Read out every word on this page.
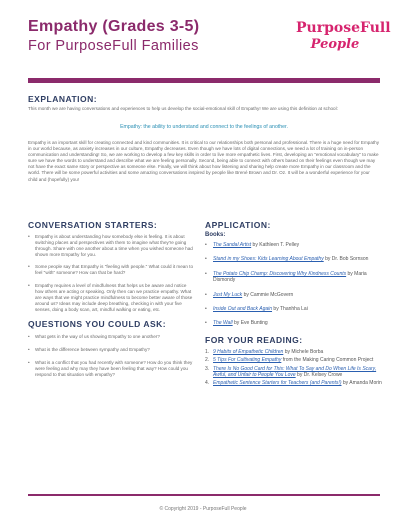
Empathy (Grades 3-5)
For PurposeFull Families
PurposeFull
People
EXPLANATION:
This month we are having conversations and experiences to help us develop the social-emotional skill of Empathy! We are using this definition at school:
Empathy: the ability to understand and connect to the feelings of another.
Empathy is an important skill for creating connected and kind communities. It is critical to our relationships both personal and professional. There is a huge need for Empathy in our world because, as anxiety increases in our culture, Empathy decreases. Even though we have lots of digital connections, we need a lot of training on in-person communication and understanding! So, we are working to develop a few key skills in order to live more empathetic lives. First, developing an "emotional vocabulary" to make sure we have the words to understand and describe what we are feeling personally. Second, being able to connect with others based on their feelings even though we may not have the exact same story or perspective as someone else. Finally, we will think about how listening and sharing help create more Empathy in our classroom and the world. There will be some powerful activities and some amazing conversations inspired by people like Brené Brown and Dr. Oz. It will be a wonderful experience for your child and (hopefully) you!
CONVERSATION STARTERS:
• Empathy is about understanding how somebody else is feeling. It is about switching places and perspectives with them to imagine what they're going through. Share with one another about a time when you wished someone had shown more Empathy for you.
• Some people say that Empathy is "feeling with people." What could it mean to feel "with" someone? How can that be hard?
• Empathy requires a level of mindfulness that helps us be aware and notice how others are acting or speaking. Only then can we practice empathy. What are ways that we might practice mindfulness to become better aware of those around us? Ideas may include deep breathing, checking in with your five senses, doing a body scan, art, mindful walking or eating, etc.
QUESTIONS YOU COULD ASK:
• What gets in the way of us showing Empathy to one another?
• What is the difference between sympathy and Empathy?
• What is a conflict that you had recently with someone? How do you think they were feeling and why may they have been feeling that way? How could you respond to that situation with empathy?
APPLICATION:
Books:
• The Sandal Artist by Kathleen T. Pelley
• Stand in my Shoes: Kids Learning About Empathy by Dr. Bob Sornson
• The Potato Chip Champ: Discovering Why Kindness Counts by Maria Dismondy
• Just My Luck by Cammie McGovern
• Inside Out and Back Again by Thanhha Lai
• The Wall by Eve Bunting
FOR YOUR READING:
1. 9 Habits of Empathetic Children by Michele Borba
2. 5 Tips For Cultivating Empathy from the Making Caring Common Project
3. There Is No Good Card for This: What To Say and Do When Life Is Scary, Awful, and Unfair to People You Love by Dr. Kelsey Crowe
4. Empathetic Sentence Starters for Teachers (and Parents!) by Amanda Morin
© Copyright 2019 - PurposeFull People
